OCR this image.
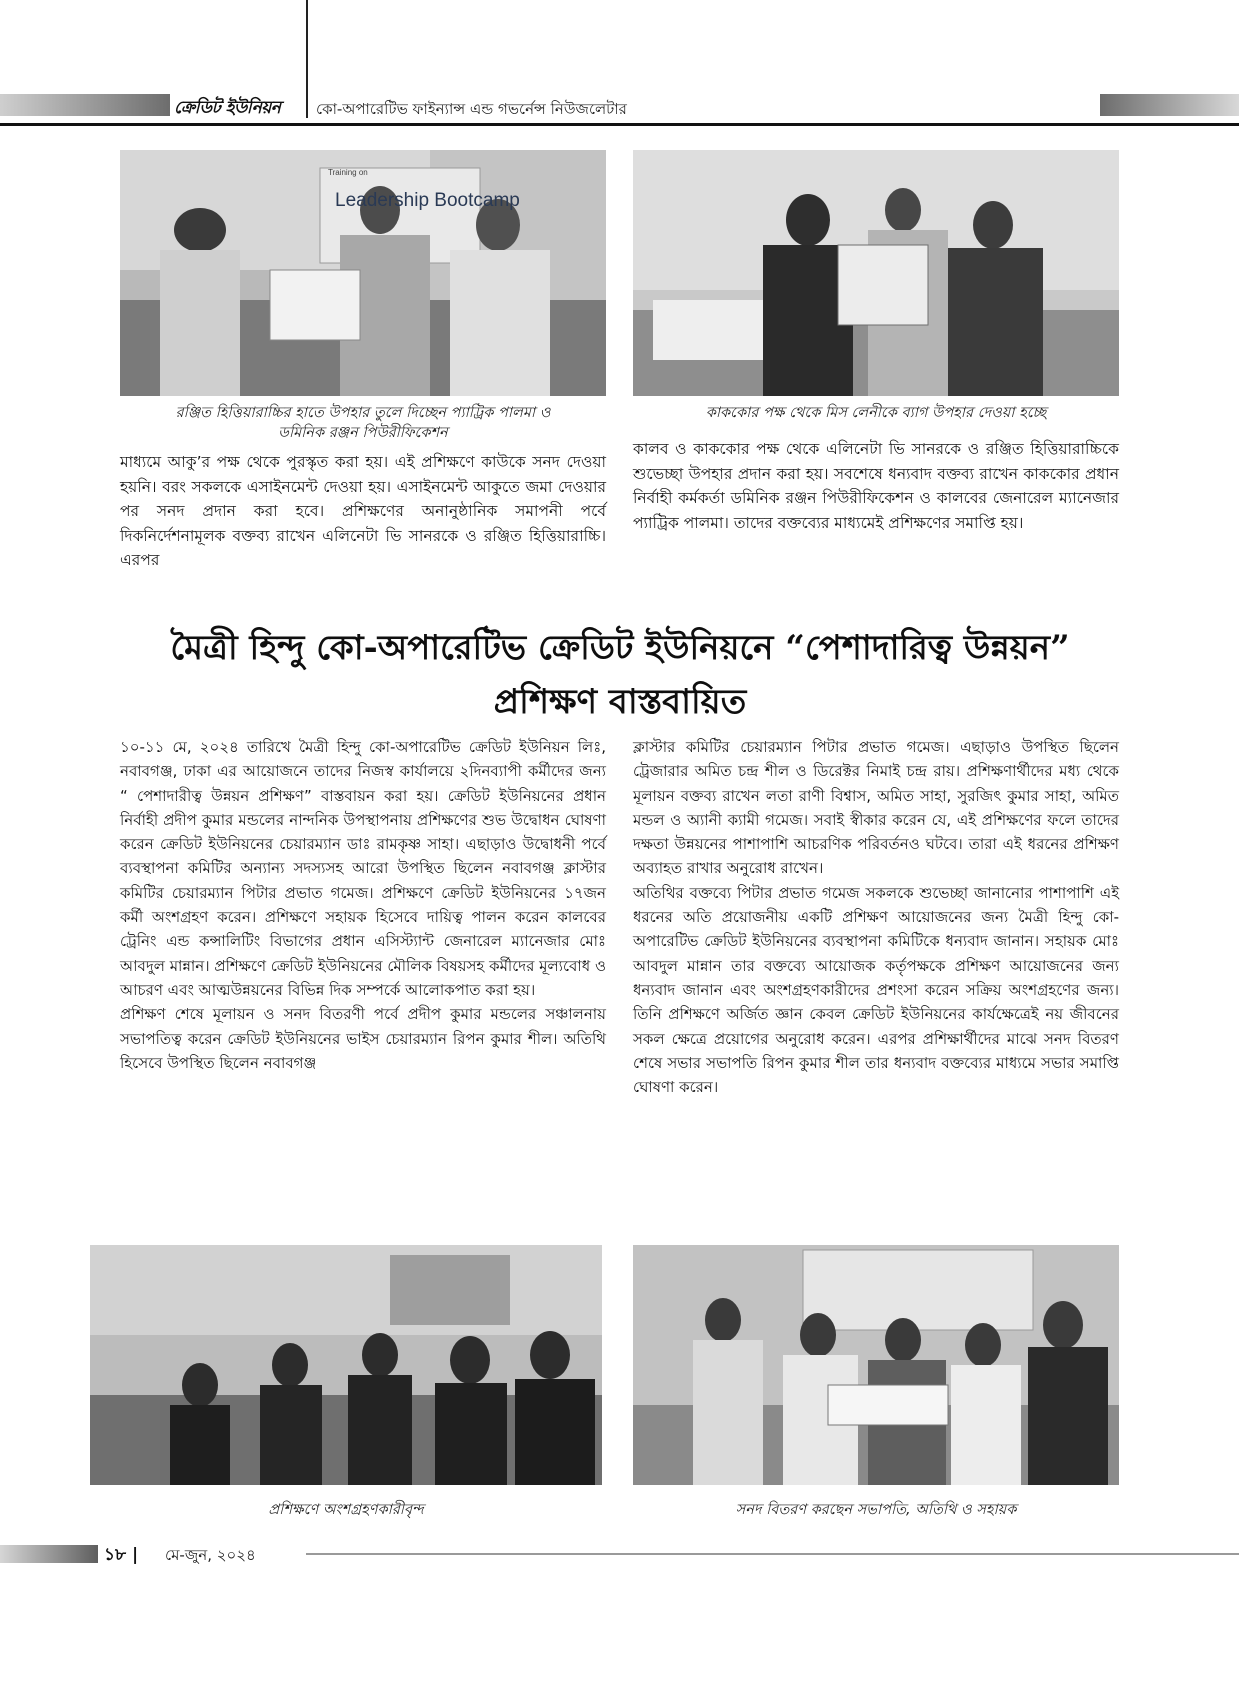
ক্রেডিট ইউনিয়ন কো-অপারেটিভ ফাইন্যান্স এন্ড গভর্নেন্স নিউজলেটার
Training on
Leadership Bootcamp
রঞ্জিত হিত্তিয়ারাচ্চির হাতে উপহার তুলে দিচ্ছেন প্যাট্রিক পালমা ও
ডমিনিক রঞ্জন পিউরীফিকেশন
কাককোর পক্ষ থেকে মিস লেনীকে ব্যাগ উপহার দেওয়া হচ্ছে
মাধ্যমে আকু’র পক্ষ থেকে পুরস্কৃত করা হয়। এই প্রশিক্ষণে কাউকে সনদ দেওয়া হয়নি। বরং সকলকে এসাইনমেন্ট দেওয়া হয়। এসাইনমেন্ট আকুতে জমা দেওয়ার পর সনদ প্রদান করা হবে। প্রশিক্ষণের অনানুষ্ঠানিক সমাপনী পর্বে দিকনির্দেশনামূলক বক্তব্য রাখেন এলিনেটা ভি সানরকে ও রঞ্জিত হিত্তিয়ারাচ্চি। এরপর
কালব ও কাককোর পক্ষ থেকে এলিনেটা ভি সানরকে ও রঞ্জিত হিত্তিয়ারাচ্চিকে শুভেচ্ছা উপহার প্রদান করা হয়। সবশেষে ধন্যবাদ বক্তব্য রাখেন কাককোর প্রধান নির্বাহী কর্মকর্তা ডমিনিক রঞ্জন পিউরীফিকেশন ও কালবের জেনারেল ম্যানেজার প্যাট্রিক পালমা। তাদের বক্তব্যের মাধ্যমেই প্রশিক্ষণের সমাপ্তি হয়।
মৈত্রী হিন্দু কো-অপারেটিভ ক্রেডিট ইউনিয়নে “পেশাদারিত্ব উন্নয়ন”
প্রশিক্ষণ বাস্তবায়িত

১০-১১ মে, ২০২৪ তারিখে মৈত্রী হিন্দু কো-অপারেটিভ ক্রেডিট ইউনিয়ন লিঃ, নবাবগঞ্জ, ঢাকা এর আয়োজনে তাদের নিজস্ব কার্যালয়ে ২দিনব্যাপী কর্মীদের জন্য “ পেশাদারীত্ব উন্নয়ন প্রশিক্ষণ” বাস্তবায়ন করা হয়। ক্রেডিট ইউনিয়নের প্রধান নির্বাহী প্রদীপ কুমার মন্ডলের নান্দনিক উপস্থাপনায় প্রশিক্ষণের শুভ উদ্বোধন ঘোষণা করেন ক্রেডিট ইউনিয়নের চেয়ারম্যান ডাঃ রামকৃষ্ণ সাহা। এছাড়াও উদ্বোধনী পর্বে ব্যবস্থাপনা কমিটির অন্যান্য সদস্যসহ আরো উপস্থিত ছিলেন নবাবগঞ্জ ক্লাস্টার কমিটির চেয়ারম্যান পিটার প্রভাত গমেজ। প্রশিক্ষণে ক্রেডিট ইউনিয়নের ১৭জন কর্মী অংশগ্রহণ করেন। প্রশিক্ষণে সহায়ক হিসেবে দায়িত্ব পালন করেন কালবের ট্রেনিং এন্ড কন্সালিটিং বিভাগের প্রধান এসিস্ট্যান্ট জেনারেল ম্যানেজার মোঃ আবদুল মান্নান। প্রশিক্ষণে ক্রেডিট ইউনিয়নের মৌলিক বিষয়সহ কর্মীদের মূল্যবোধ ও আচরণ এবং আত্মউন্নয়নের বিভিন্ন দিক সম্পর্কে আলোকপাত করা হয়।

প্রশিক্ষণ শেষে মূলায়ন ও সনদ বিতরণী পর্বে প্রদীপ কুমার মন্ডলের সঞ্চালনায় সভাপতিত্ব করেন ক্রেডিট ইউনিয়নের ভাইস চেয়ারম্যান রিপন কুমার শীল। অতিথি হিসেবে উপস্থিত ছিলেন নবাবগঞ্জ

ক্লাস্টার কমিটির চেয়ারম্যান পিটার প্রভাত গমেজ। এছাড়াও উপস্থিত ছিলেন ট্রেজারার অমিত চন্দ্র শীল ও ডিরেক্টর নিমাই চন্দ্র রায়। প্রশিক্ষণার্থীদের মধ্য থেকে মূলায়ন বক্তব্য রাখেন লতা রাণী বিশ্বাস, অমিত সাহা, সুরজিৎ কুমার সাহা, অমিত মন্ডল ও অ্যানী ক্যামী গমেজ। সবাই স্বীকার করেন যে, এই প্রশিক্ষণের ফলে তাদের দক্ষতা উন্নয়নের পাশাপাশি আচরণিক পরিবর্তনও ঘটবে। তারা এই ধরনের প্রশিক্ষণ অব্যাহত রাখার অনুরোধ রাখেন।

অতিথির বক্তব্যে পিটার প্রভাত গমেজ সকলকে শুভেচ্ছা জানানোর পাশাপাশি এই ধরনের অতি প্রয়োজনীয় একটি প্রশিক্ষণ আয়োজনের জন্য মৈত্রী হিন্দু কো-অপারেটিভ ক্রেডিট ইউনিয়নের ব্যবস্থাপনা কমিটিকে ধন্যবাদ জানান। সহায়ক মোঃ আবদুল মান্নান তার বক্তব্যে আয়োজক কর্তৃপক্ষকে প্রশিক্ষণ আয়োজনের জন্য ধন্যবাদ জানান এবং অংশগ্রহণকারীদের প্রশংসা করেন সক্রিয় অংশগ্রহণের জন্য। তিনি প্রশিক্ষণে অর্জিত জ্ঞান কেবল ক্রেডিট ইউনিয়নের কার্যক্ষেত্রেই নয় জীবনের সকল ক্ষেত্রে প্রয়োগের অনুরোধ করেন। এরপর প্রশিক্ষার্থীদের মাঝে সনদ বিতরণ শেষে সভার সভাপতি রিপন কুমার শীল তার ধন্যবাদ বক্তব্যের মাধ্যমে সভার সমাপ্তি ঘোষণা করেন।

প্রশিক্ষণে অংশগ্রহণকারীবৃন্দ	সনদ বিতরণ করছেন সভাপতি, অতিথি ও সহায়ক
১৮ | মে-জুন, ২০২৪
